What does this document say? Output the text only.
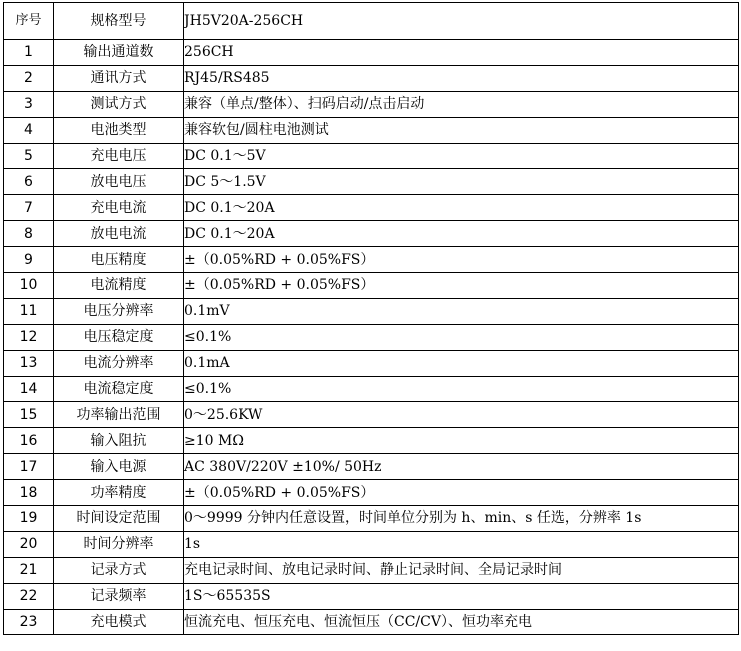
序号	规格型号	JH5V20A-256CH
1	输出通道数	256CH
2	通讯方式	RJ45/RS485
3	测试方式	兼容（单点/整体）、扫码启动/点击启动
4	电池类型	兼容软包/圆柱电池测试
5	充电电压	DC 0.1～5V
6	放电电压	DC 5～1.5V
7	充电电流	DC 0.1～20A
8	放电电流	DC 0.1～20A
9	电压精度	±（0.05%RD + 0.05%FS）
10	电流精度	±（0.05%RD + 0.05%FS）
11	电压分辨率	0.1mV
12	电压稳定度	≤0.1%
13	电流分辨率	0.1mA
14	电流稳定度	≤0.1%
15	功率输出范围	0～25.6KW
16	输入阻抗	≥10 MΩ
17	输入电源	AC 380V/220V ±10%/ 50Hz
18	功率精度	±（0.05%RD + 0.05%FS）
19	时间设定范围	0～9999 分钟内任意设置，时间单位分别为 h、min、s 任选，分辨率 1s
20	时间分辨率	1s
21	记录方式	充电记录时间、放电记录时间、静止记录时间、全局记录时间
22	记录频率	1S～65535S
23	充电模式	恒流充电、恒压充电、恒流恒压（CC/CV）、恒功率充电
